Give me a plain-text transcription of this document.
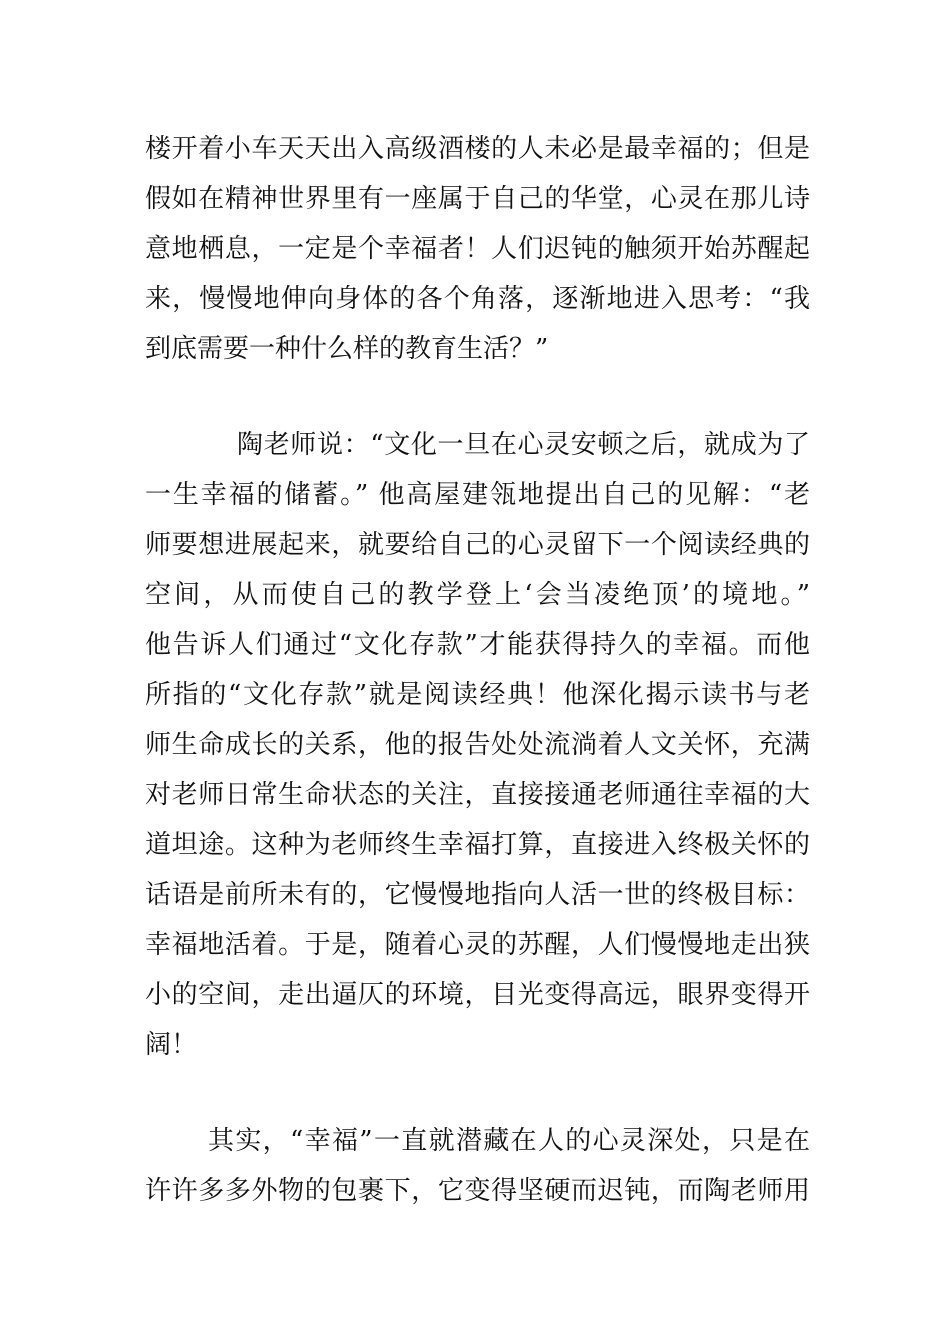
楼开着小车天天出入高级酒楼的人未必是最幸福的；但是
假如在精神世界里有一座属于自己的华堂，心灵在那儿诗
意地栖息，一定是个幸福者！人们迟钝的触须开始苏醒起
来，慢慢地伸向身体的各个角落，逐渐地进入思考：“我
到底需要一种什么样的教育生活？”
陶老师说：“文化一旦在心灵安顿之后，就成为了
一生幸福的储蓄。” 他高屋建瓴地提出自己的见解：“老
师要想进展起来，就要给自己的心灵留下一个阅读经典的
空间，从而使自己的教学登上‘会当凌绝顶’的境地。”
他告诉人们通过“文化存款”才能获得持久的幸福。而他
所指的“文化存款”就是阅读经典！他深化揭示读书与老
师生命成长的关系，他的报告处处流淌着人文关怀，充满
对老师日常生命状态的关注，直接接通老师通往幸福的大
道坦途。这种为老师终生幸福打算，直接进入终极关怀的
话语是前所未有的，它慢慢地指向人活一世的终极目标：
幸福地活着。于是，随着心灵的苏醒，人们慢慢地走出狭
小的空间，走出逼仄的环境，目光变得高远，眼界变得开
阔！
其实，“幸福”一直就潜藏在人的心灵深处，只是在
许许多多外物的包裹下，它变得坚硬而迟钝，而陶老师用
